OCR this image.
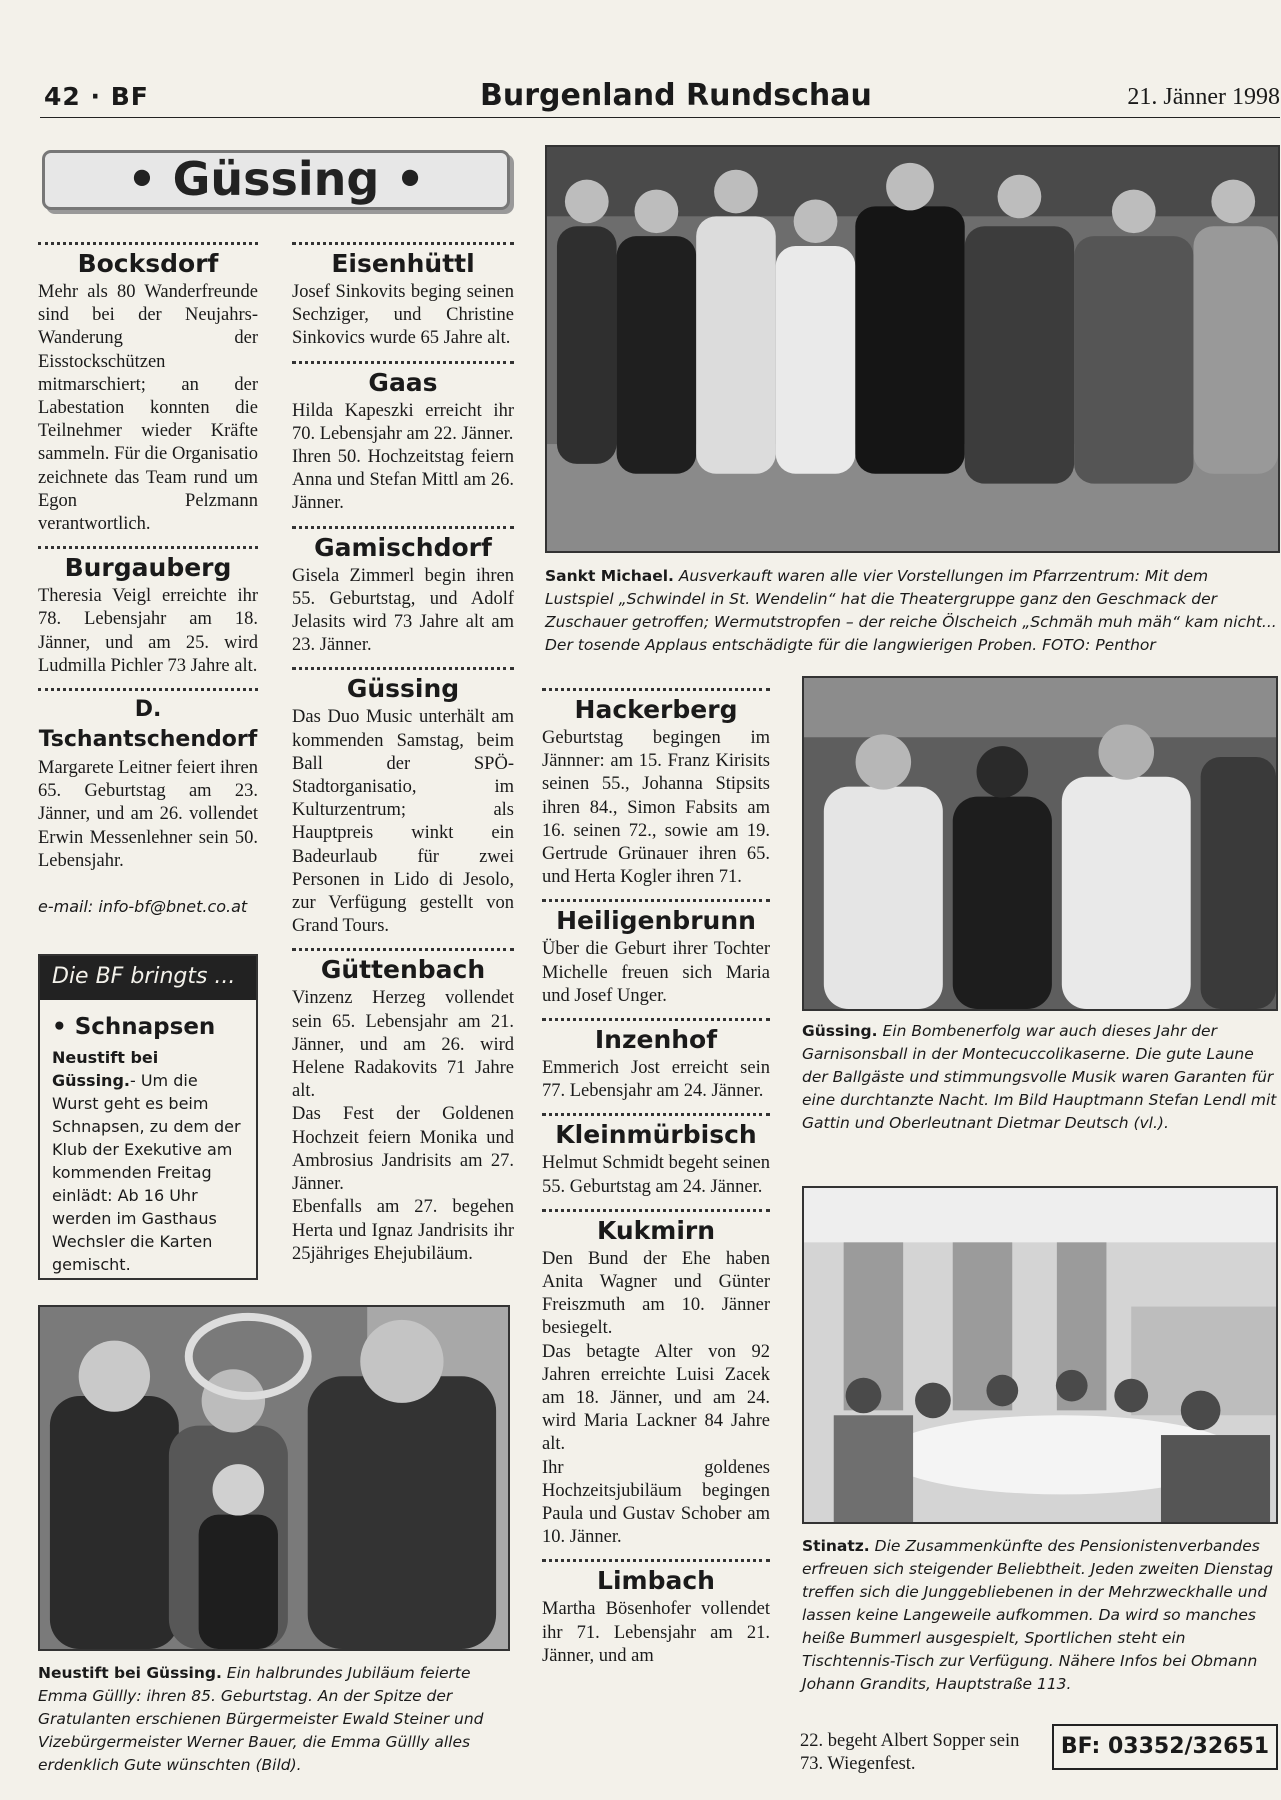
42 · BF	Burgenland Rundschau	21. Jänner 1998
• Güssing •
Bocksdorf

Mehr als 80 Wanderfreunde sind bei der Neujahrs-Wanderung der Eisstockschützen mitmarschiert; an der Labestation konnten die Teilnehmer wieder Kräfte sammeln. Für die Organisatio zeichnete das Team rund um Egon Pelzmann verantwortlich.

Burgauberg

Theresia Veigl erreichte ihr 78. Lebensjahr am 18. Jänner, und am 25. wird Ludmilla Pichler 73 Jahre alt.

D. Tschantschendorf

Margarete Leitner feiert ihren 65. Geburtstag am 23. Jänner, und am 26. vollendet Erwin Messenlehner sein 50. Lebensjahr.

e-mail: info-bf@bnet.co.at
Die BF bringts ...
• Schnapsen
Neustift bei Güssing.- Um die Wurst geht es beim Schnapsen, zu dem der Klub der Exekutive am kommenden Freitag einlädt: Ab 16 Uhr werden im Gasthaus Wechsler die Karten gemischt.
Eisenhüttl

Josef Sinkovits beging seinen Sechziger, und Christine Sinkovics wurde 65 Jahre alt.

Gaas

Hilda Kapeszki erreicht ihr 70. Lebensjahr am 22. Jänner.

Ihren 50. Hochzeitstag feiern Anna und Stefan Mittl am 26. Jänner.

Gamischdorf

Gisela Zimmerl begin ihren 55. Geburtstag, und Adolf Jelasits wird 73 Jahre alt am 23. Jänner.

Güssing

Das Duo Music unterhält am kommenden Samstag, beim Ball der SPÖ-Stadtorganisatio, im Kulturzentrum; als Hauptpreis winkt ein Badeurlaub für zwei Personen in Lido di Jesolo, zur Verfügung gestellt von Grand Tours.

Güttenbach

Vinzenz Herzeg vollendet sein 65. Lebensjahr am 21. Jänner, und am 26. wird Helene Radakovits 71 Jahre alt.

Das Fest der Goldenen Hochzeit feiern Monika und Ambrosius Jandrisits am 27. Jänner.

Ebenfalls am 27. begehen Herta und Ignaz Jandrisits ihr 25jähriges Ehejubiläum.

Sankt Michael. Ausverkauft waren alle vier Vorstellungen im Pfarrzentrum: Mit dem Lustspiel „Schwindel in St. Wendelin“ hat die Theatergruppe ganz den Geschmack der Zuschauer getroffen; Wermutstropfen – der reiche Ölscheich „Schmäh muh mäh“ kam nicht... Der tosende Applaus entschädigte für die langwierigen Proben. FOTO: Penthor
Hackerberg

Geburtstag begingen im Jännner: am 15. Franz Kirisits seinen 55., Johanna Stipsits ihren 84., Simon Fabsits am 16. seinen 72., sowie am 19. Gertrude Grünauer ihren 65. und Herta Kogler ihren 71.

Heiligenbrunn

Über die Geburt ihrer Tochter Michelle freuen sich Maria und Josef Unger.

Inzenhof

Emmerich Jost erreicht sein 77. Lebensjahr am 24. Jänner.

Kleinmürbisch

Helmut Schmidt begeht seinen 55. Geburtstag am 24. Jänner.

Kukmirn

Den Bund der Ehe haben Anita Wagner und Günter Freiszmuth am 10. Jänner besiegelt.

Das betagte Alter von 92 Jahren erreichte Luisi Zacek am 18. Jänner, und am 24. wird Maria Lackner 84 Jahre alt.

Ihr goldenes Hochzeitsjubiläum begingen Paula und Gustav Schober am 10. Jänner.

Limbach

Martha Bösenhofer vollendet ihr 71. Lebensjahr am 21. Jänner, und am

Güssing. Ein Bombenerfolg war auch dieses Jahr der Garnisonsball in der Montecuccolikaserne. Die gute Laune der Ballgäste und stimmungsvolle Musik waren Garanten für eine durchtanzte Nacht. Im Bild Hauptmann Stefan Lendl mit Gattin und Oberleutnant Dietmar Deutsch (vl.).
Stinatz. Die Zusammenkünfte des Pensionistenverbandes erfreuen sich steigender Beliebtheit. Jeden zweiten Dienstag treffen sich die Junggebliebenen in der Mehrzweckhalle und lassen keine Langeweile aufkommen. Da wird so manches heiße Bummerl ausgespielt, Sportlichen steht ein Tischtennis-Tisch zur Verfügung. Nähere Infos bei Obmann Johann Grandits, Hauptstraße 113.
Neustift bei Güssing. Ein halbrundes Jubiläum feierte Emma Güllly: ihren 85. Geburtstag. An der Spitze der Gratulanten erschienen Bürgermeister Ewald Steiner und Vizebürgermeister Werner Bauer, die Emma Güllly alles erdenklich Gute wünschten (Bild).
22. begeht Albert Sopper sein 73. Wiegenfest.
BF: 03352/32651
